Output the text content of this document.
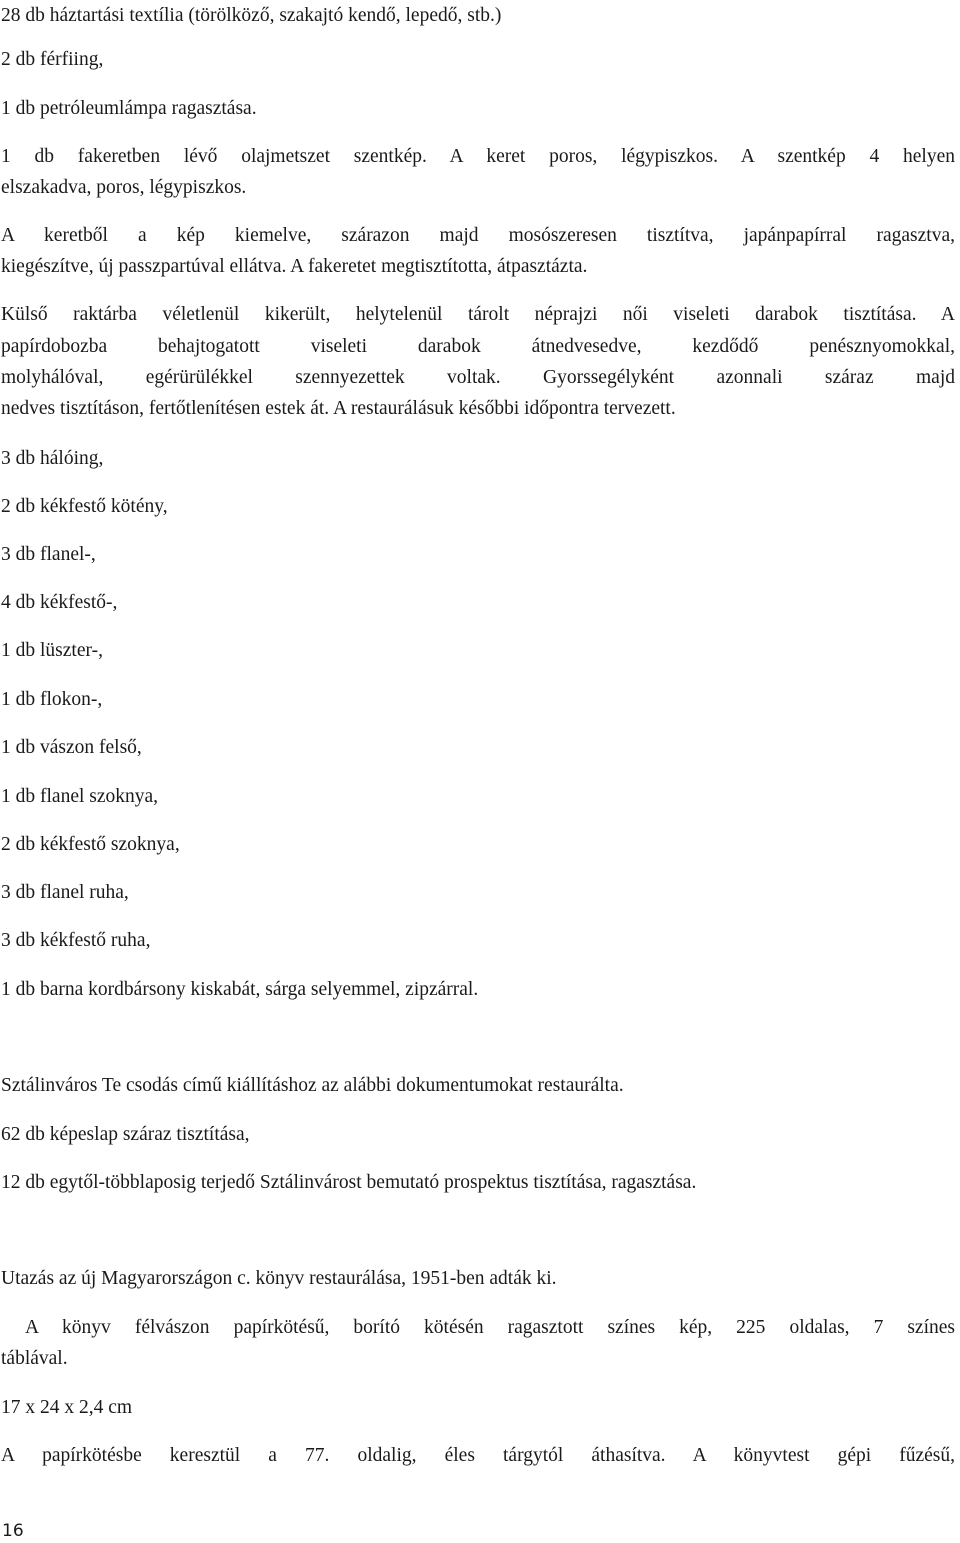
28 db háztartási textília (törölköző, szakajtó kendő, lepedő, stb.)
2 db férfiing,
1 db petróleumlámpa ragasztása.
1 db fakeretben lévő olajmetszet szentkép. A keret poros, légypiszkos. A szentkép 4 helyen
elszakadva, poros, légypiszkos.
A keretből a kép kiemelve, szárazon majd mosószeresen tisztítva, japánpapírral ragasztva,
kiegészítve, új passzpartúval ellátva. A fakeretet megtisztította, átpasztázta.
Külső raktárba véletlenül kikerült, helytelenül tárolt néprajzi női viseleti darabok tisztítása. A
papírdobozba behajtogatott viseleti darabok átnedvesedve, kezdődő penésznyomokkal,
molyhálóval, egérürülékkel szennyezettek voltak. Gyorssegélyként azonnali száraz majd
nedves tisztításon, fertőtlenítésen estek át. A restaurálásuk későbbi időpontra tervezett.
3 db hálóing,
2 db kékfestő kötény,
3 db flanel-,
4 db kékfestő-,
1 db lüszter-,
1 db flokon-,
1 db vászon felső,
1 db flanel szoknya,
2 db kékfestő szoknya,
3 db flanel ruha,
3 db kékfestő ruha,
1 db barna kordbársony kiskabát, sárga selyemmel, zipzárral.
Sztálinváros Te csodás című kiállításhoz az alábbi dokumentumokat restaurálta.
62 db képeslap száraz tisztítása,
12 db egytől-többlaposig terjedő Sztálinvárost bemutató prospektus tisztítása, ragasztása.
Utazás az új Magyarországon c. könyv restaurálása, 1951-ben adták ki.
A könyv félvászon papírkötésű, borító kötésén ragasztott színes kép, 225 oldalas, 7 színes
táblával.
17 x 24 x 2,4 cm
A papírkötésbe keresztül a 77. oldalig, éles tárgytól áthasítva. A könyvtest gépi fűzésű,
16
